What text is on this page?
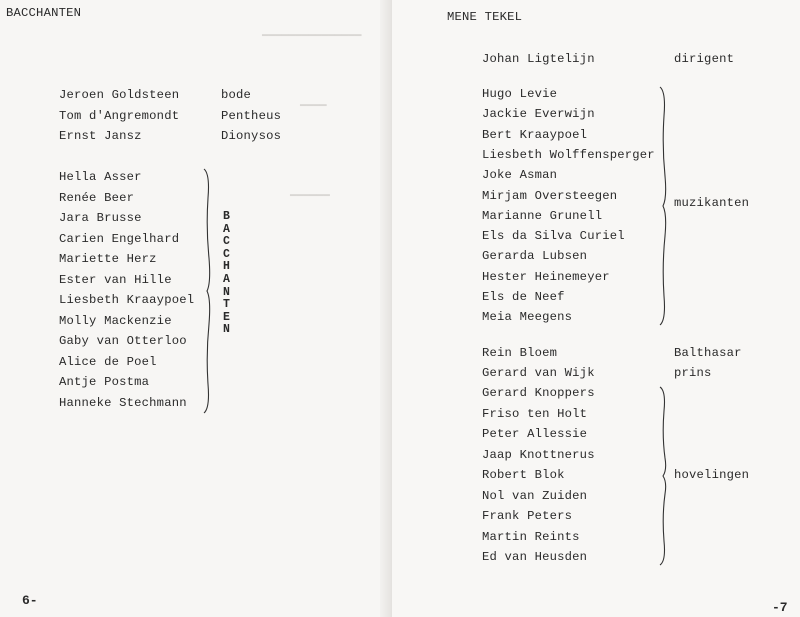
━━━━━━━━━━━━━━━
━━━━
━━━━━━
BACCHANTEN
Jeroen Goldsteen	bode
Tom d'Angremondt	Pentheus
Ernst Jansz	Dionysos
Hella Asser
Renée Beer
Jara Brusse
Carien Engelhard
Mariette Herz
Ester van Hille
Liesbeth Kraaypoel
Molly Mackenzie
Gaby van Otterloo
Alice de Poel
Antje Postma
Hanneke Stechmann
B
A
C
C
H
A
N
T
E
N
6-
MENE TEKEL
Johan Ligtelijn	dirigent
Hugo Levie
Jackie Everwijn
Bert Kraaypoel
Liesbeth Wolffensperger
Joke Asman
Mirjam Oversteegen
Marianne Grunell
Els da Silva Curiel
Gerarda Lubsen
Hester Heinemeyer
Els de Neef
Meia Meegens
muzikanten
Rein Bloem	Balthasar
Gerard van Wijk	prins
Gerard Knoppers
Friso ten Holt
Peter Allessie
Jaap Knottnerus
Robert Blok
Nol van Zuiden
Frank Peters
Martin Reints
Ed van Heusden
hovelingen
-7
